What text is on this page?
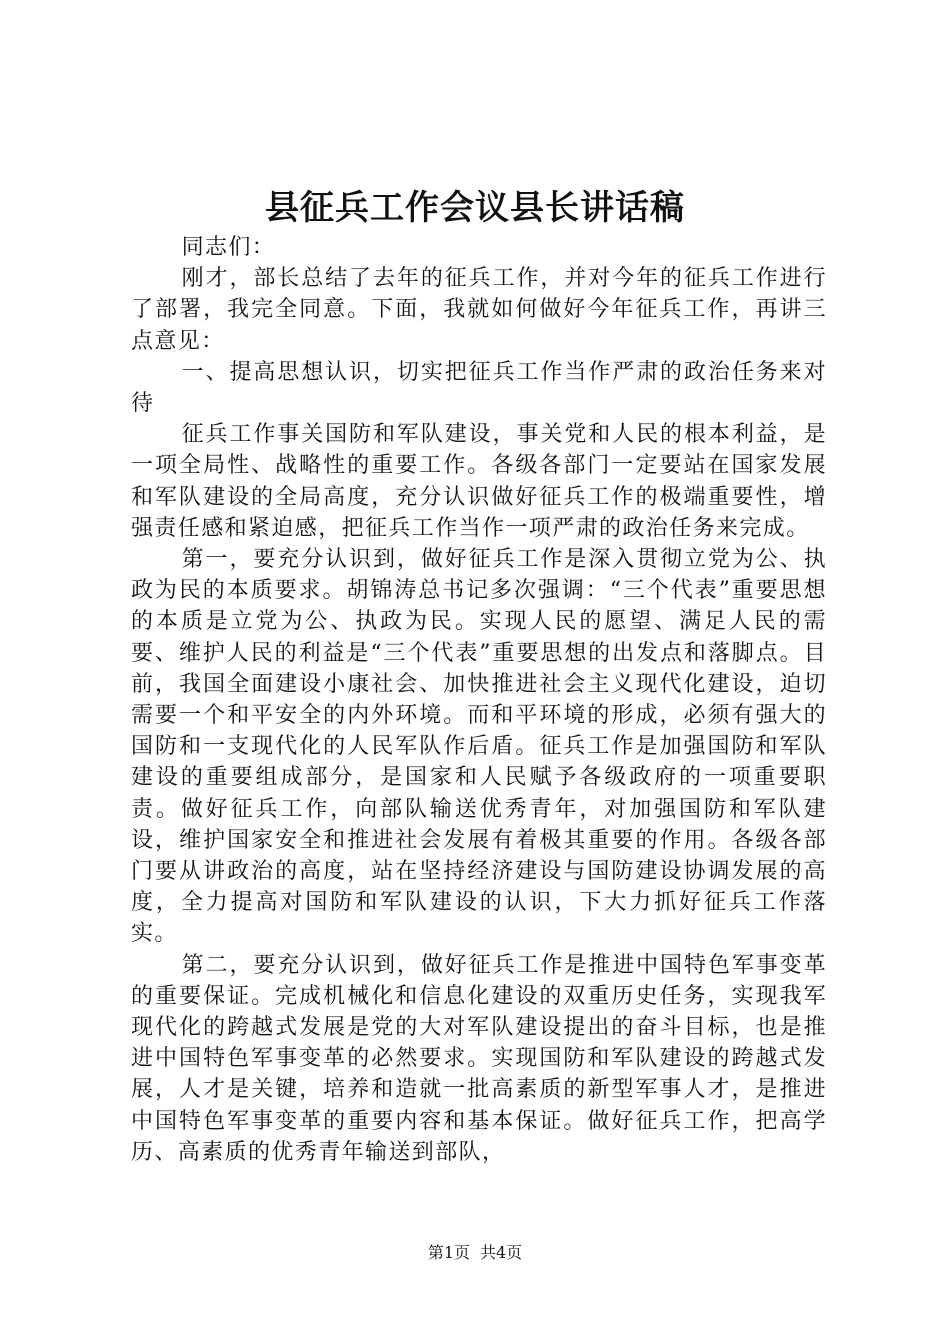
县征兵工作会议县长讲话稿

同志们：

刚才，部长总结了去年的征兵工作，并对今年的征兵工作进行了部署，我完全同意。下面，我就如何做好今年征兵工作，再讲三点意见：

一、提高思想认识，切实把征兵工作当作严肃的政治任务来对待

征兵工作事关国防和军队建设，事关党和人民的根本利益，是一项全局性、战略性的重要工作。各级各部门一定要站在国家发展和军队建设的全局高度，充分认识做好征兵工作的极端重要性，增强责任感和紧迫感，把征兵工作当作一项严肃的政治任务来完成。

第一，要充分认识到，做好征兵工作是深入贯彻立党为公、执政为民的本质要求。胡锦涛总书记多次强调：“三个代表”重要思想的本质是立党为公、执政为民。实现人民的愿望、满足人民的需要、维护人民的利益是“三个代表”重要思想的出发点和落脚点。目前，我国全面建设小康社会、加快推进社会主义现代化建设，迫切需要一个和平安全的内外环境。而和平环境的形成，必须有强大的国防和一支现代化的人民军队作后盾。征兵工作是加强国防和军队建设的重要组成部分，是国家和人民赋予各级政府的一项重要职责。做好征兵工作，向部队输送优秀青年，对加强国防和军队建设，维护国家安全和推进社会发展有着极其重要的作用。各级各部门要从讲政治的高度，站在坚持经济建设与国防建设协调发展的高度，全力提高对国防和军队建设的认识，下大力抓好征兵工作落实。

第二，要充分认识到，做好征兵工作是推进中国特色军事变革的重要保证。完成机械化和信息化建设的双重历史任务，实现我军现代化的跨越式发展是党的大对军队建设提出的奋斗目标，也是推进中国特色军事变革的必然要求。实现国防和军队建设的跨越式发展，人才是关键，培养和造就一批高素质的新型军事人才，是推进中国特色军事变革的重要内容和基本保证。做好征兵工作，把高学历、高素质的优秀青年输送到部队，

第1页 共4页
